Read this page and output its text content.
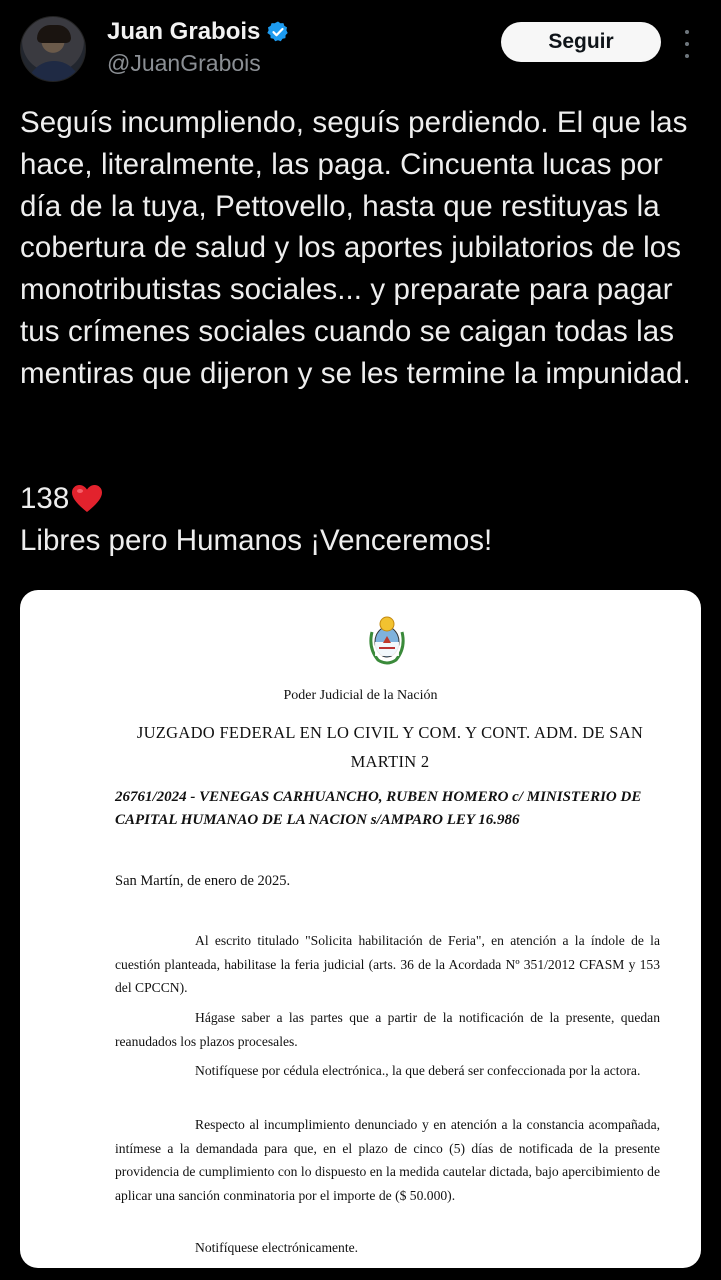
Juan Grabois
@JuanGrabois
Seguir
Seguís incumpliendo, seguís perdiendo. El que las hace, literalmente, las paga. Cincuenta lucas por día de la tuya, Pettovello, hasta que restituyas la cobertura de salud y los aportes jubilatorios de los monotributistas sociales... y preparate para pagar tus crímenes sociales cuando se caigan todas las mentiras que dijeron y se les termine la impunidad.
138
Libres pero Humanos ¡Venceremos!
Poder Judicial de la Nación
JUZGADO FEDERAL EN LO CIVIL Y COM. Y CONT. ADM. DE SAN MARTIN 2
26761/2024 - VENEGAS CARHUANCHO, RUBEN HOMERO c/ MINISTERIO DE CAPITAL HUMANAO DE LA NACION s/AMPARO LEY 16.986
San Martín, de enero de 2025.
Al escrito titulado "Solicita habilitación de Feria", en atención a la índole de la cuestión planteada, habilitase la feria judicial (arts. 36 de la Acordada Nº 351/2012 CFASM y 153 del CPCCN).
Hágase saber a las partes que a partir de la notificación de la presente, quedan reanudados los plazos procesales.
Notifíquese por cédula electrónica., la que deberá ser confeccionada por la actora.
Respecto al incumplimiento denunciado y en atención a la constancia acompañada, intímese a la demandada para que, en el plazo de cinco (5) días de notificada de la presente providencia de cumplimiento con lo dispuesto en la medida cautelar dictada, bajo apercibimiento de aplicar una sanción conminatoria por el importe de ($ 50.000).
Notifíquese electrónicamente.
